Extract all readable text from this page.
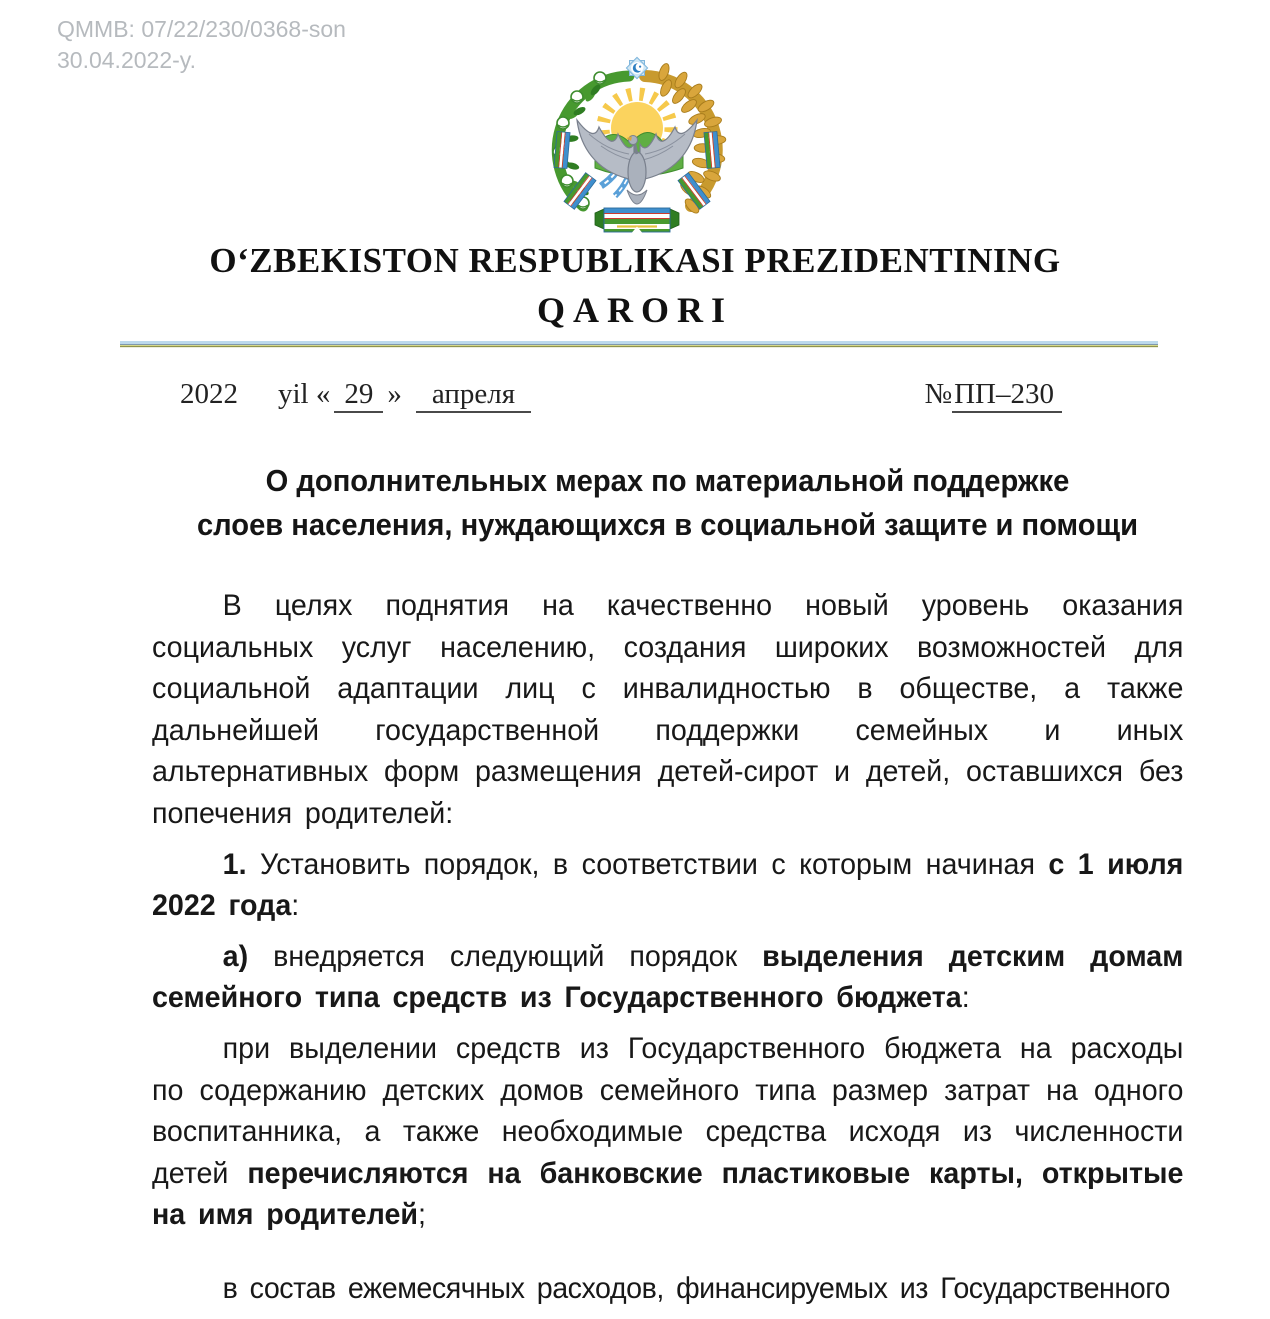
QMMB: 07/22/230/0368-son
30.04.2022-y.
O‘ZBEKISTON RESPUBLIKASI PREZIDENTINING
QARORI
2022 yil « 29 » апреля	№ПП–230
О дополнительных мерах по материальной поддержке
слоев населения, нуждающихся в социальной защите и помощи

В целях поднятия на качественно новый уровень оказания социальных услуг населению, создания широких возможностей для социальной адаптации лиц с инвалидностью в обществе, а также дальнейшей государственной поддержки семейных и иных альтернативных форм размещения детей-сирот и детей, оставшихся без попечения родителей:

1. Установить порядок, в соответствии с которым начиная с 1 июля 2022 года:

а) внедряется следующий порядок выделения детским домам семейного типа средств из Государственного бюджета:

при выделении средств из Государственного бюджета на расходы по содержанию детских домов семейного типа размер затрат на одного воспитанника, а также необходимые средства исходя из численности детей перечисляются на банковские пластиковые карты, открытые на имя родителей;

в состав ежемесячных расходов, финансируемых из Государственного
